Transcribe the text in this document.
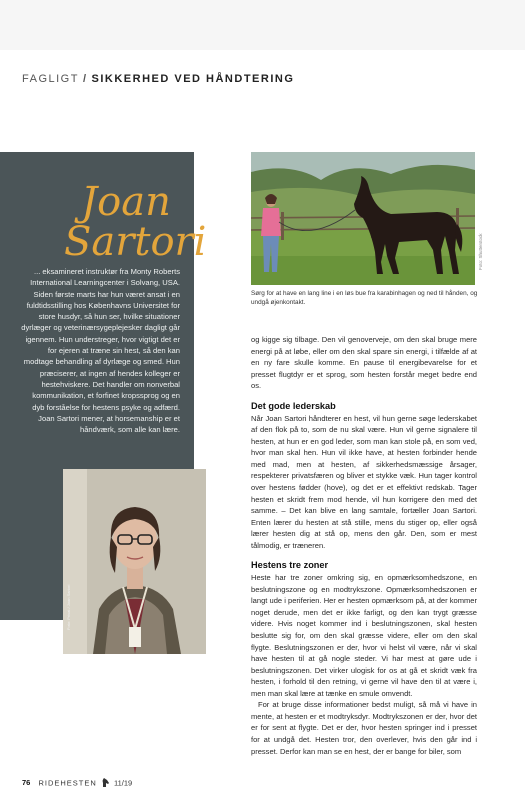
FAGLIGT / SIKKERHED VED HÅNDTERING
Joan
Sartori

... eksamineret instruktør fra Monty Roberts International Learningcenter i Solvang, USA. Siden første marts har hun været ansat i en fuldtidsstilling hos Københavns Universitet for store husdyr, så hun ser, hvilke situationer dyrlæger og veterinærsygeplejesker dagligt går igennem. Hun understreger, hvor vigtigt det er for ejeren at træne sin hest, så den kan modtage behandling af dyrlæge og smed. Hun præciserer, at ingen af hendes kolleger er hestehviskere. Det handler om nonverbal kommunikation, et forfinet kropssprog og en dyb forståelse for hestens psyke og adfærd. Joan Sartori mener, at horsemanship er et håndværk, som alle kan lære.

Foto: Privat / Joan Sartori
Foto: Shutterstock

Sørg for at have en lang line i en løs bue fra karabinhagen og ned til hånden, og undgå øjenkontakt.

og kigge sig tilbage. Den vil genoverveje, om den skal bruge mere energi på at løbe, eller om den skal spare sin energi, i tilfælde af at en ny fare skulle komme. En pause til energibevarelse for et presset flugtdyr er et sprog, som hesten forstår meget bedre end os.

Det gode lederskab

Når Joan Sartori håndterer en hest, vil hun gerne søge lederskabet af den flok på to, som de nu skal være. Hun vil gerne signalere til hesten, at hun er en god leder, som man kan stole på, en som ved, hvor man skal hen. Hun vil ikke have, at hesten forbinder hende med mad, men at hesten, af sikkerhedsmæssige årsager, respekterer privatsfæren og bliver et stykke væk. Hun tager kontrol over hestens fødder (hove), og det er et effektivt redskab. Tager hesten et skridt frem mod hende, vil hun korrigere den med det samme. – Det kan blive en lang samtale, fortæller Joan Sartori. Enten lærer du hesten at stå stille, mens du stiger op, eller også lærer hesten dig at stå op, mens den går. Den, som er mest tålmodig, er træneren.

Hestens tre zoner

Heste har tre zoner omkring sig, en opmærksomhedszone, en beslutningszone og en modtrykszone. Opmærksomhedszonen er langt ude i periferien. Her er hesten opmærksom på, at der kommer noget derude, men det er ikke farligt, og den kan trygt græsse videre. Hvis noget kommer ind i beslutningszonen, skal hesten beslutte sig for, om den skal græsse videre, eller om den skal flygte. Beslutningszonen er der, hvor vi helst vil være, når vi skal have hesten til at gå nogle steder. Vi har mest at gøre ude i beslutningszonen. Det virker ulogisk for os at gå et skridt væk fra hesten, i forhold til den retning, vi gerne vil have den til at være i, men man skal lære at tænke en smule omvendt.

For at bruge disse informationer bedst muligt, så må vi have in mente, at hesten er et modtryksdyr. Modtrykszonen er der, hvor det er for sent at flygte. Det er der, hvor hesten springer ind i presset for at undgå det. Hesten tror, den overlever, hvis den går ind i presset. Derfor kan man se en hest, der er bange for biler, som

76 RIDEHESTEN 11/19
